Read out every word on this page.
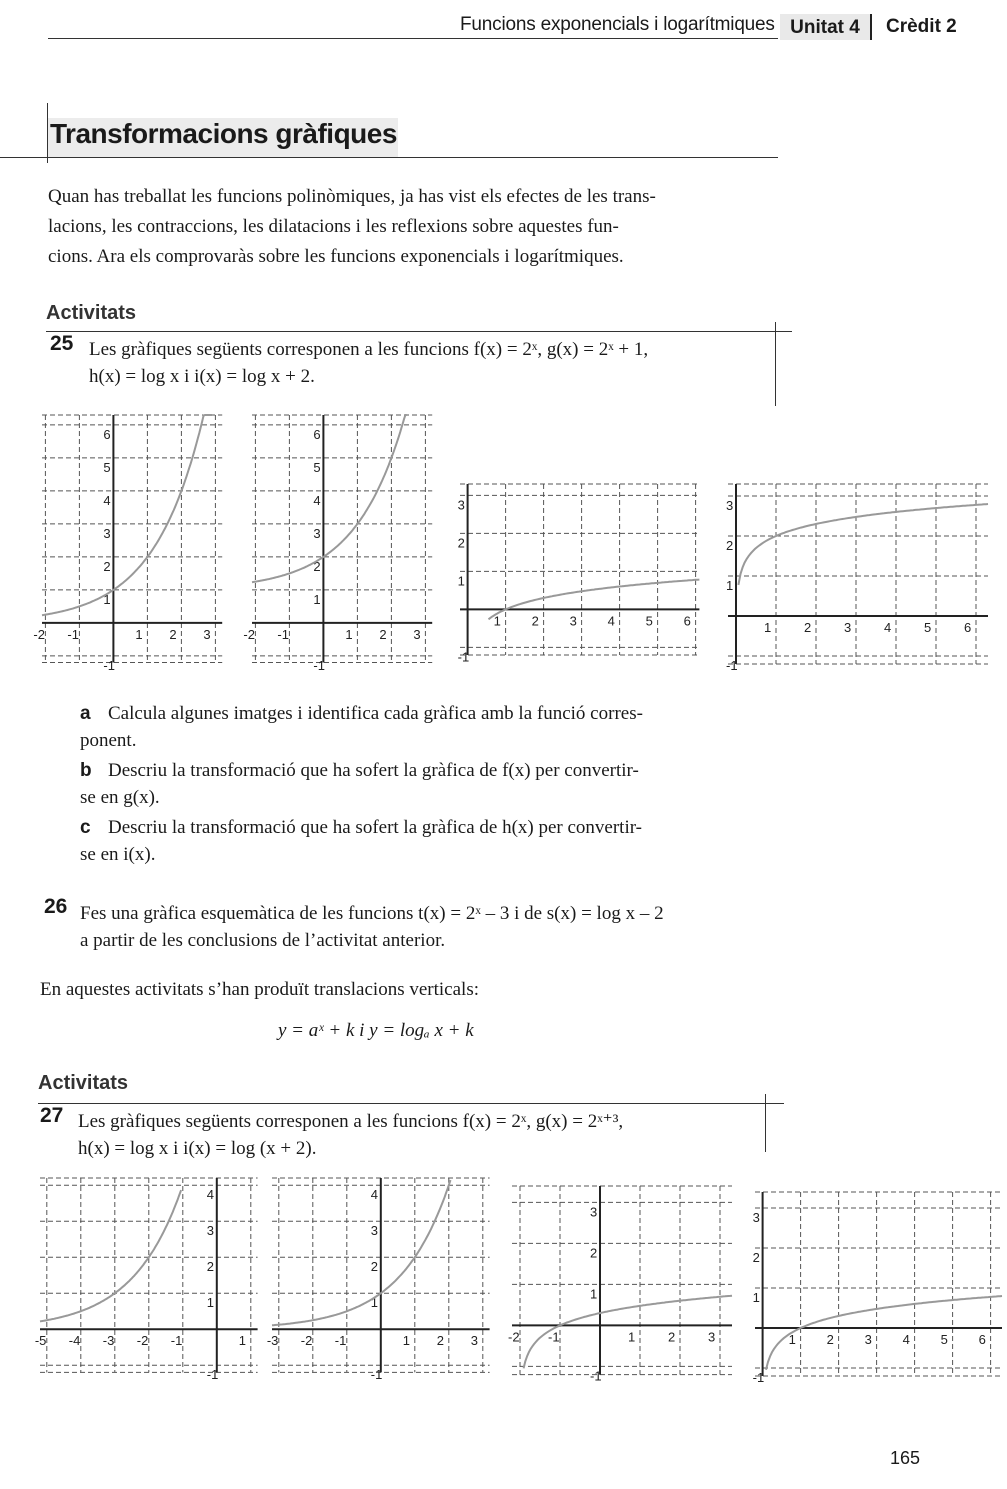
Funcions exponencials i logarítmiques Unitat 4	Crèdit 2
Transformacions gràfiques
Quan has treballat les funcions polinòmiques, ja has vist els efectes de les trans-
lacions, les contraccions, les dilatacions i les reflexions sobre aquestes fun-
cions. Ara els comprovaràs sobre les funcions exponencials i logarítmiques.
Activitats
25 Les gràfiques següents corresponen a les funcions f(x) = 2ˣ, g(x) = 2ˣ + 1,
h(x) = log x i i(x) = log x + 2.
-2 -1	1 2 3
-1
1
2
3
4
5
6
-2 -1	1 2 3
-1
1
2
3
4
5
6
1 2 3 4 5 6
-1
1
2
3
1	2	3	4	5	6
-1
1
2
3
a Calcula algunes imatges i identifica cada gràfica amb la funció corres-
ponent.
b Descriu la transformació que ha sofert la gràfica de f(x) per convertir-
se en g(x).
c Descriu la transformació que ha sofert la gràfica de h(x) per convertir-
se en i(x).
26 Fes una gràfica esquemàtica de les funcions t(x) = 2ˣ – 3 i de s(x) = log x – 2
a partir de les conclusions de l’activitat anterior.
En aquestes activitats s’han produït translacions verticals:
y = aˣ + k i y = logₐ x + k
Activitats
27 Les gràfiques següents corresponen a les funcions f(x) = 2ˣ, g(x) = 2ˣ⁺³,
h(x) = log x i i(x) = log (x + 2).
-5 -4 -3 -2 -1	1
-1
1
2
3
4
-3 -2 -1	1 2 3
-1
1
2
3
4
-2 -1	1	2	3
-1
1
2
3
1 2 3 4 5 6
-1
1
2
3
165
